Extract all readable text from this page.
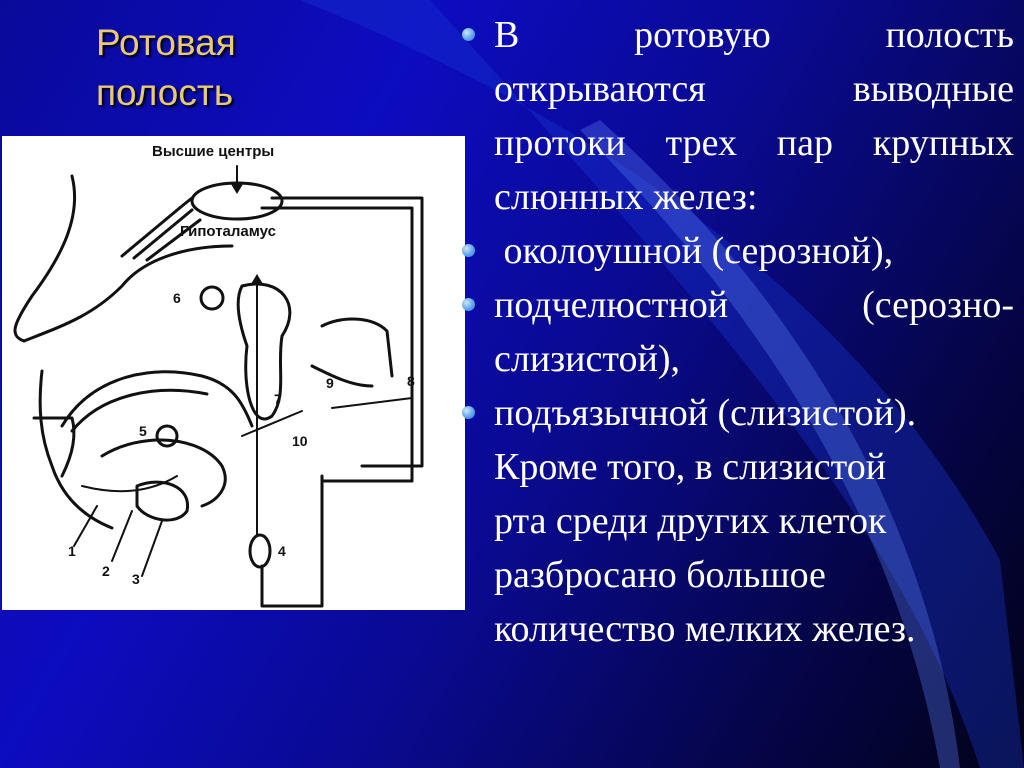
Ротовая
полость
Высшие центры
Гипоталамус
1
2 3
4
5
6
7
8
9
10
В ротовую полость
открываются выводные
протоки трех пар крупных
слюнных желез:
околоушной (серозной),
подчелюстной (серозно-
слизистой),
подъязычной (слизистой).
Кроме того, в слизистой
рта среди других клеток
разбросано большое
количество мелких желез.
